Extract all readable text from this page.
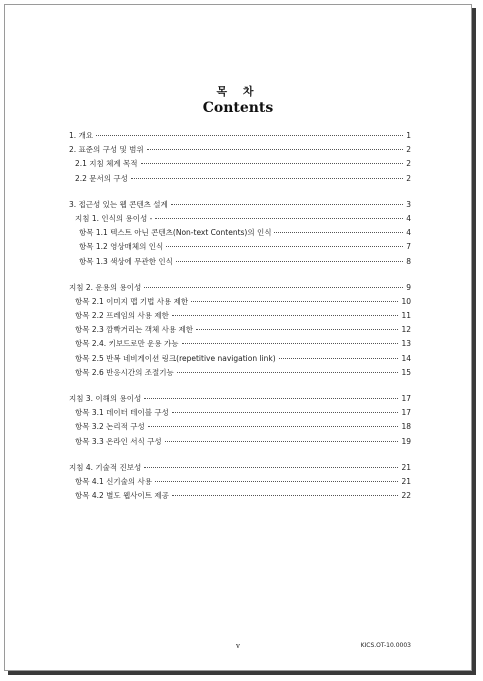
목 차
Contents
1. 개요	1
2. 표준의 구성 및 범위	2
2.1 지침 체계 목적	2
2.2 문서의 구성	2
3. 접근성 있는 웹 콘텐츠 설계	3
지침 1. 인식의 용이성 -	4
항목 1.1 텍스트 아닌 콘텐츠(Non-text Contents)의 인식	4
항목 1.2 영상매체의 인식	7
항목 1.3 색상에 무관한 인식	8
지침 2. 운용의 용이성	9
항목 2.1 이미지 맵 기법 사용 제한	10
항목 2.2 프레임의 사용 제한	11
항목 2.3 깜빡거리는 객체 사용 제한	12
항목 2.4. 키보드로만 운용 가능	13
항목 2.5 반복 네비게이션 링크(repetitive navigation link)	14
항목 2.6 반응시간의 조절기능	15
지침 3. 이해의 용이성	17
항목 3.1 데이터 테이블 구성	17
항목 3.2 논리적 구성	18
항목 3.3 온라인 서식 구성	19
지침 4. 기술적 진보성	21
항목 4.1 신기술의 사용	21
항목 4.2 별도 웹사이트 제공	22
v	KICS.OT-10.0003
